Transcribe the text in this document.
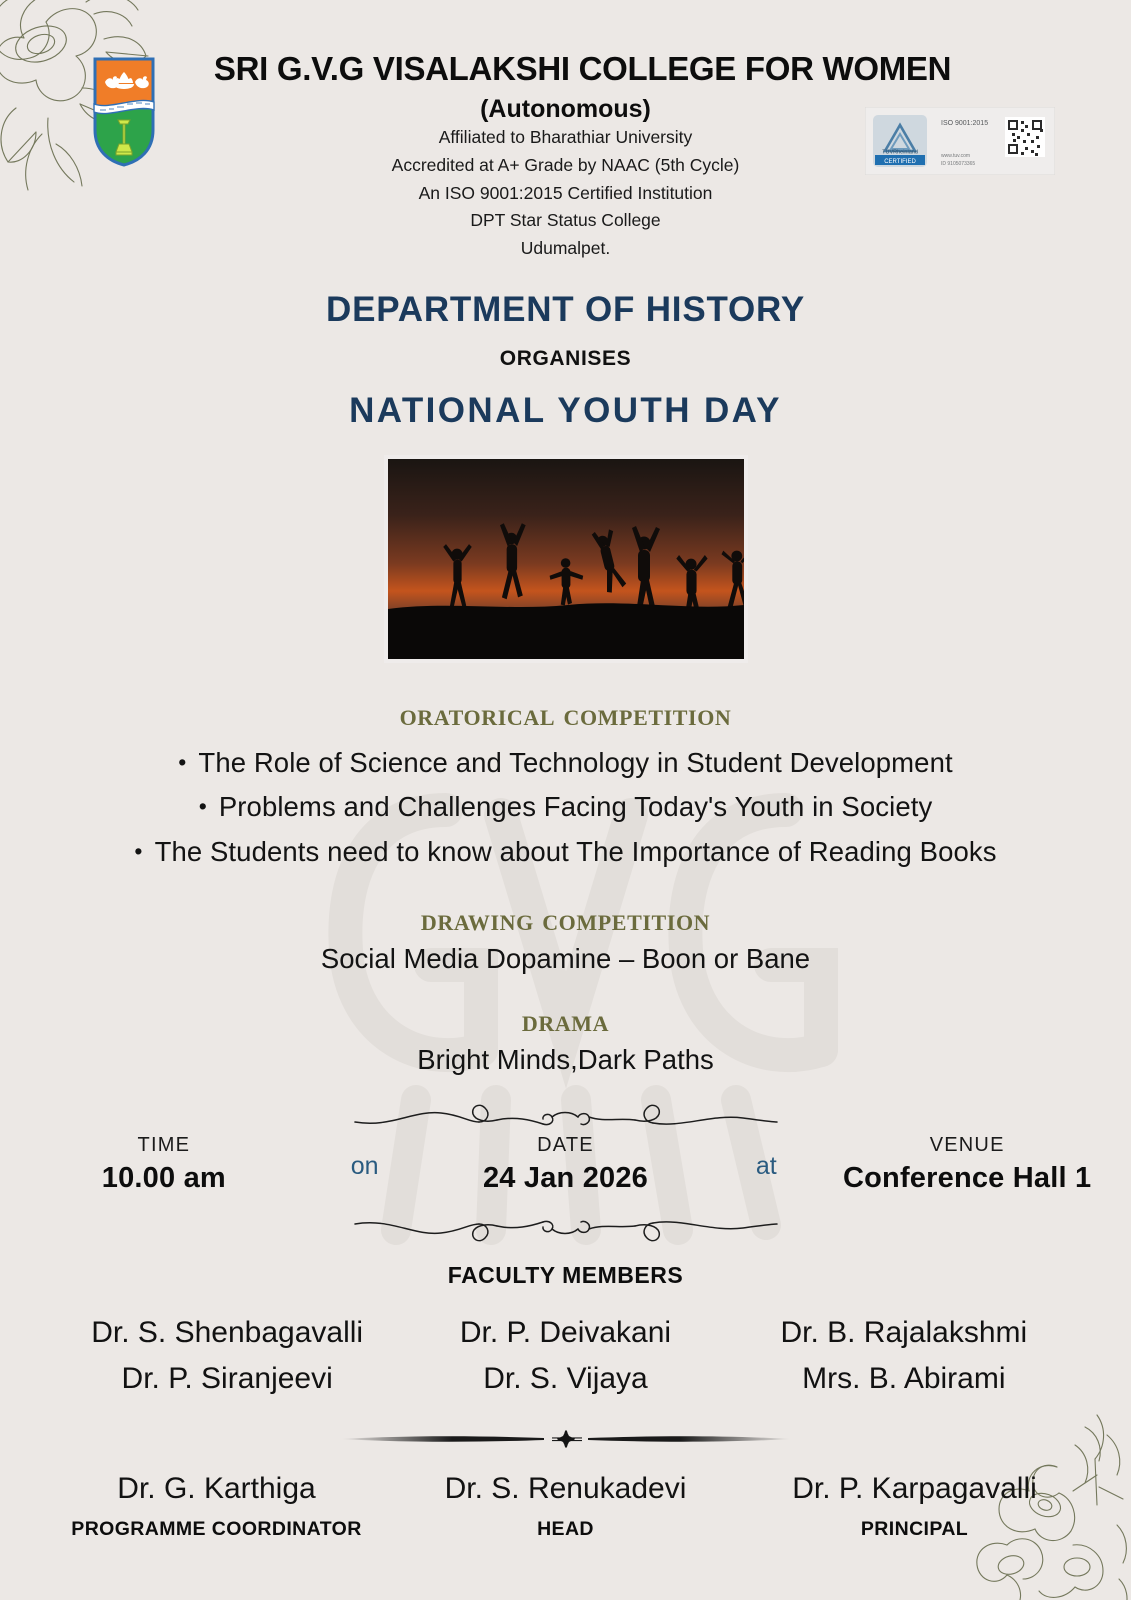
SRI G.V.G VISALAKSHI COLLEGE FOR WOMEN
(Autonomous)
Affiliated to Bharathiar University
Accredited at A+ Grade by NAAC (5th Cycle)
An ISO 9001:2015 Certified Institution
DPT Star Status College
Udumalpet.
CERTIFIED
TUVRheinland
ISO 9001:2015
www.tuv.com
ID 9105073365
DEPARTMENT OF HISTORY
ORGANISES
NATIONAL YOUTH DAY
oratorical competition
• The Role of Science and Technology in Student Development
• Problems and Challenges Facing Today's Youth in Society
• The Students need to know about The Importance of Reading Books
drawing competition
Social Media Dopamine – Boon or Bane
drama
Bright Minds,Dark Paths
TIME
10.00 am	on
DATE
24 Jan 2026	at
VENUE
Conference Hall 1
FACULTY MEMBERS
Dr. S. Shenbagavalli	Dr. P. Deivakani	Dr. B. Rajalakshmi
Dr. P. Siranjeevi	Dr. S. Vijaya	Mrs. B. Abirami
Dr. G. Karthiga	Dr. S. Renukadevi	Dr. P. Karpagavalli
PROGRAMME COORDINATOR	HEAD	PRINCIPAL
